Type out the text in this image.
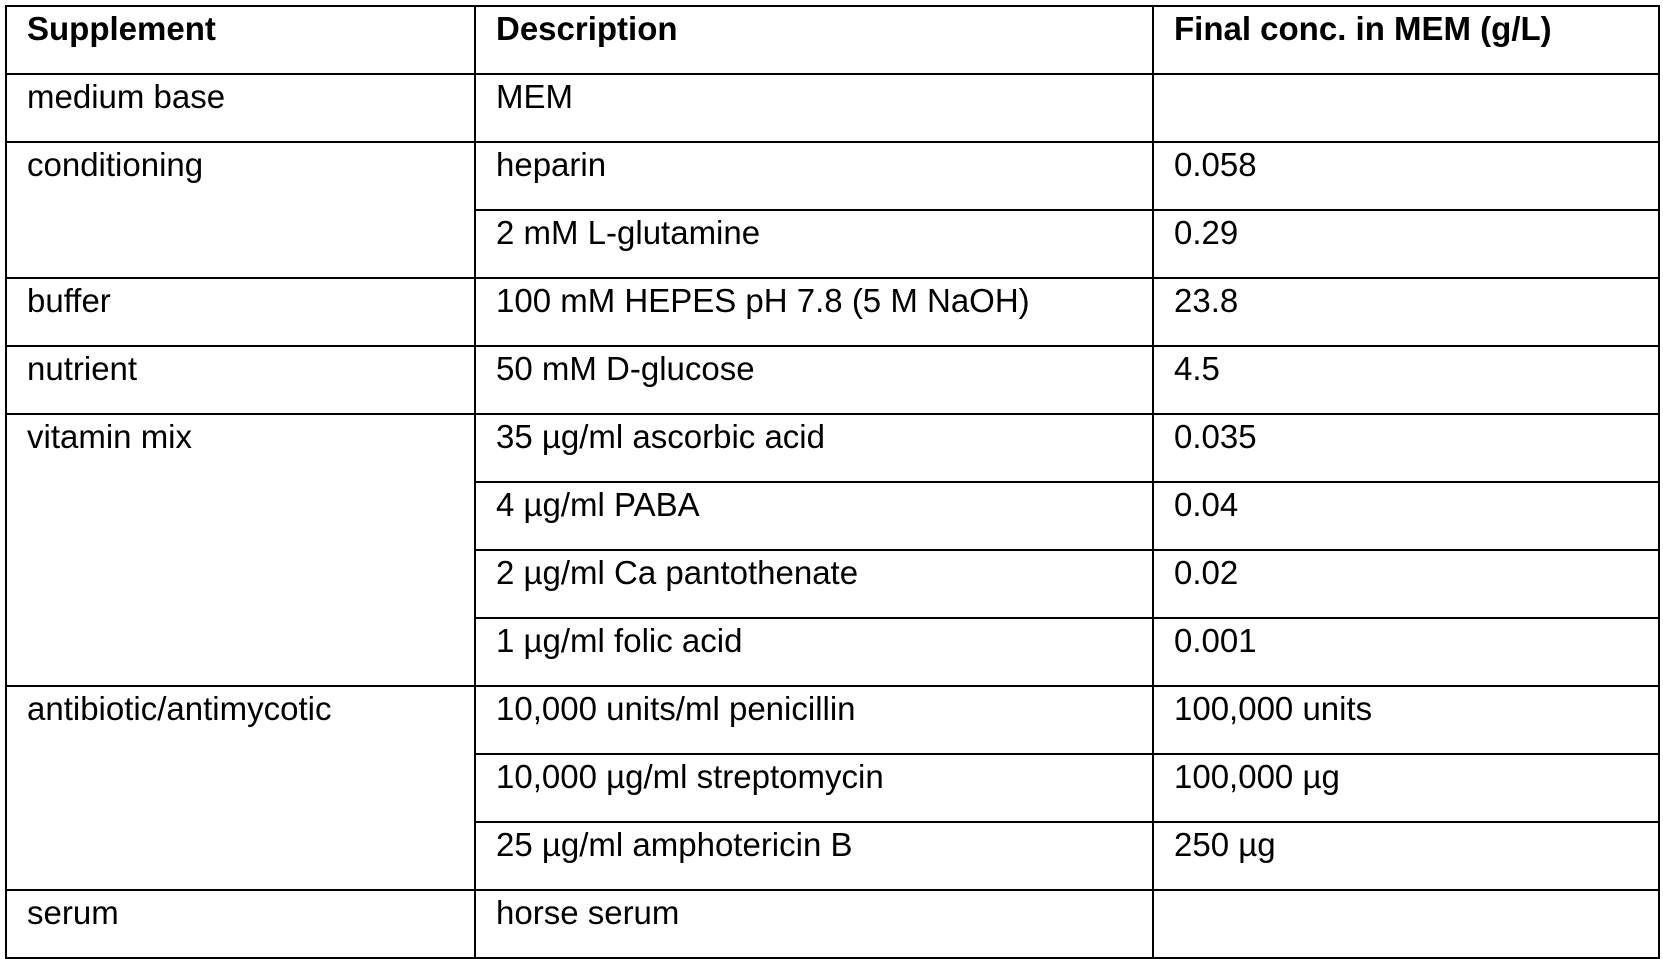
Supplement	Description	Final conc. in MEM (g/L)
medium base	MEM	
conditioning	heparin	0.058
	2 mM L-glutamine	0.29
buffer	100 mM HEPES pH 7.8 (5 M NaOH)	23.8
nutrient	50 mM D-glucose	4.5
vitamin mix	35 µg/ml ascorbic acid	0.035
	4 µg/ml PABA	0.04
	2 µg/ml Ca pantothenate	0.02
	1 µg/ml folic acid	0.001
antibiotic/antimycotic	10,000 units/ml penicillin	100,000 units
	10,000 µg/ml streptomycin	100,000 µg
	25 µg/ml amphotericin B	250 µg
serum	horse serum	
